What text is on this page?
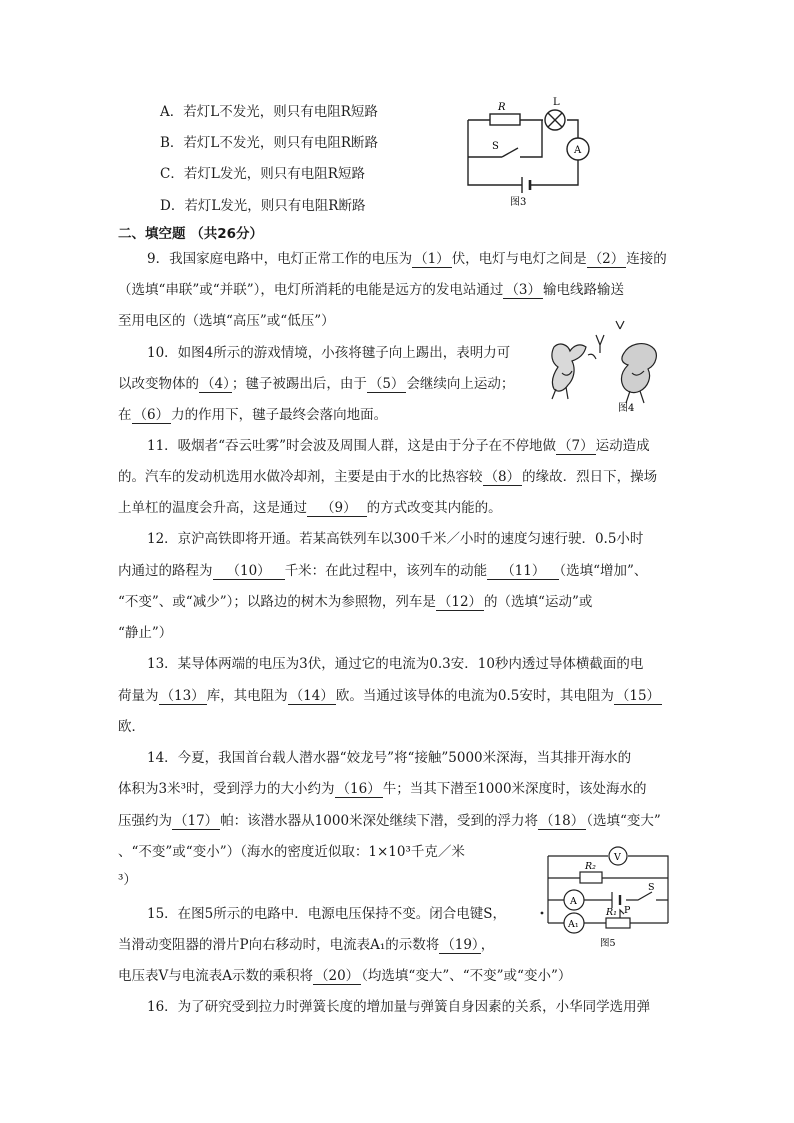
A．若灯L不发光，则只有电阻R短路
B．若灯L不发光，则只有电阻R断路
C．若灯L发光，则只有电阻R短路
D．若灯L发光，则只有电阻R断路
R	L
S	A
图3
二、填空题 （共26分）
9．我国家庭电路中，电灯正常工作的电压为 （1） 伏，电灯与电灯之间是 （2） 连接的
（选填“串联”或“并联”），电灯所消耗的电能是远方的发电站通过 （3） 输电线路输送
至用电区的（选填“高压”或“低压”）
10．如图4所示的游戏情境，小孩将毽子向上踢出，表明力可
以改变物体的 （4） ；毽子被踢出后，由于 （5） 会继续向上运动；
在 （6） 力的作用下，毽子最终会落向地面。	图4
11．吸烟者“吞云吐雾”时会波及周围人群，这是由于分子在不停地做 （7） 运动造成
的。汽车的发动机选用水做冷却剂，主要是由于水的比热容较 （8） 的缘故．烈日下，操场
上单杠的温度会升高，这是通过 （9） 的方式改变其内能的。
12．京沪高铁即将开通。若某高铁列车以300千米／小时的速度匀速行驶．0.5小时
内通过的路程为 （10） 千米：在此过程中，该列车的动能 （11） （选填“增加”、
“不变”、或“减少”）；以路边的树木为参照物，列车是 （12） 的（选填“运动”或
“静止”）
13．某导体两端的电压为3伏，通过它的电流为0.3安．10秒内透过导体横截面的电
荷量为 （13） 库，其电阻为 （14） 欧。当通过该导体的电流为0.5安时，其电阻为 （15）
欧．
14．今夏，我国首台载人潜水器“姣龙号”将“接触”5000米深海，当其排开海水的
体积为3米³时，受到浮力的大小约为 （16） 牛；当其下潜至1000米深度时，该处海水的
压强约为 （17） 帕：该潜水器从1000米深处继续下潜，受到的浮力将 （18） （选填“变大”
、“不变”或“变小”）（海水的密度近似取：1×10³千克／米
³）
V
R₂
A
S
A₁
R₁ P
图5
15．在图5所示的电路中．电源电压保持不变。闭合电键S，
当滑动变阻器的滑片P向右移动时，电流表A₁的示数将 （19） ，
电压表V与电流表A示数的乘积将 （20） （均选填“变大”、“不变”或“变小”）
16．为了研究受到拉力时弹簧长度的增加量与弹簧自身因素的关系，小华同学选用弹
